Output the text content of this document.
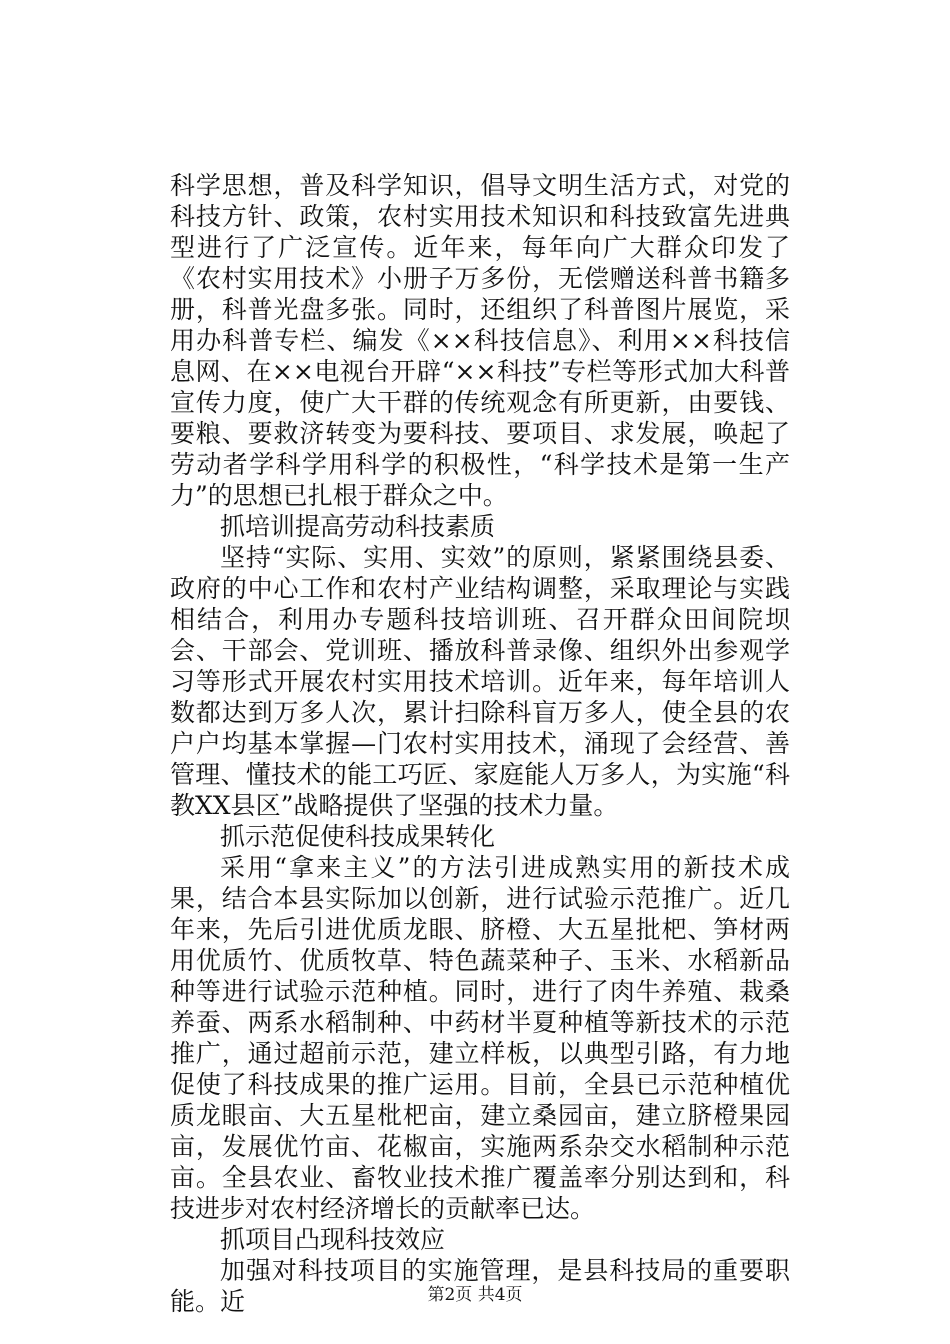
科学思想，普及科学知识，倡导文明生活方式，对党的科技方针、政策，农村实用技术知识和科技致富先进典型进行了广泛宣传。近年来，每年向广大群众印发了《农村实用技术》小册子万多份，无偿赠送科普书籍多册，科普光盘多张。同时，还组织了科普图片展览，采用办科普专栏、编发《××科技信息》、利用××科技信息网、在××电视台开辟“××科技”专栏等形式加大科普宣传力度，使广大干群的传统观念有所更新，由要钱、要粮、要救济转变为要科技、要项目、求发展，唤起了劳动者学科学用科学的积极性，“科学技术是第一生产力”的思想已扎根于群众之中。

抓培训提高劳动科技素质

坚持“实际、实用、实效”的原则，紧紧围绕县委、政府的中心工作和农村产业结构调整，采取理论与实践相结合，利用办专题科技培训班、召开群众田间院坝会、干部会、党训班、播放科普录像、组织外出参观学习等形式开展农村实用技术培训。近年来，每年培训人数都达到万多人次，累计扫除科盲万多人，使全县的农户户均基本掌握—门农村实用技术，涌现了会经营、善管理、懂技术的能工巧匠、家庭能人万多人，为实施“科教XX县区”战略提供了坚强的技术力量。

抓示范促使科技成果转化

采用“拿来主义”的方法引进成熟实用的新技术成果，结合本县实际加以创新，进行试验示范推广。近几年来，先后引进优质龙眼、脐橙、大五星批杷、笋材两用优质竹、优质牧草、特色蔬菜种子、玉米、水稻新品种等进行试验示范种植。同时，进行了肉牛养殖、栽桑养蚕、两系水稻制种、中药材半夏种植等新技术的示范推广，通过超前示范，建立样板，以典型引路，有力地促使了科技成果的推广运用。目前，全县已示范种植优质龙眼亩、大五星枇杷亩，建立桑园亩，建立脐橙果园亩，发展优竹亩、花椒亩，实施两系杂交水稻制种示范亩。全县农业、畜牧业技术推广覆盖率分别达到和，科技进步对农村经济增长的贡献率已达。

抓项目凸现科技效应

加强对科技项目的实施管理，是县科技局的重要职能。近	第2页 共4页
